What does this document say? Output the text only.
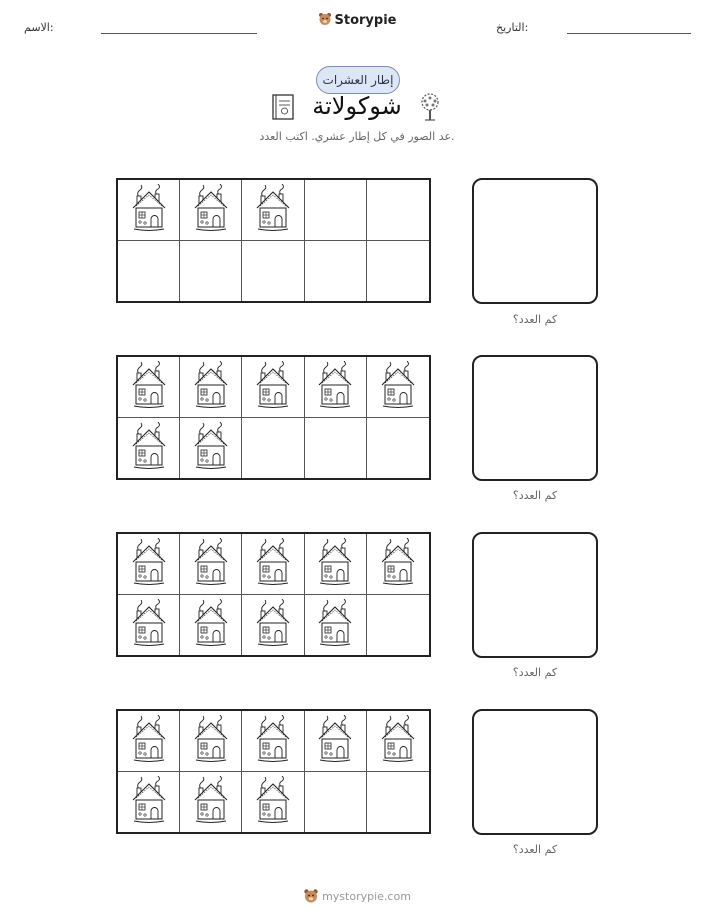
الاسم:	Storypie	التاريخ:
إطار العشرات
شوكولاتة
عد الصور في كل إطار عشري. اكتب العدد.
كم العدد؟
كم العدد؟
كم العدد؟
كم العدد؟
mystorypie.com
